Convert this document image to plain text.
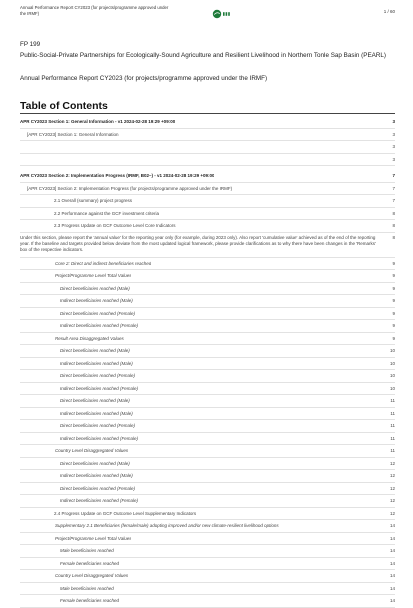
Annual Performance Report CY2023 (for projects/programme approved under the IRMF)	1 / 60
FP 199
Public-Social-Private Partnerships for Ecologically-Sound Agriculture and Resilient Livelihood in Northern Tonle Sap Basin (PEARL)
Annual Performance Report CY2023 (for projects/programme approved under the IRMF)
Table of Contents
APR CY2023 Section 1: General Information - v1 2024-02-28 19:29 +09:00	3
[APR CY2023] Section 1: General Information	3
3
3
APR CY2023 Section 2: Implementation Progress (IRMF, B02–) - v1 2024-02-28 19:29 +09:00	7
[APR CY2023] Section 2: Implementation Progress (for projects/programme approved under the IRMF)	7
2.1 Overall (summary) project progress	7
2.2 Performance against the GCF investment criteria	8
2.3 Progress Update on GCF Outcome Level Core Indicators	8
Under this section, please report the 'annual value' for the reporting year only (for example, during 2023 only). Also report 'cumulative value' achieved as of the end of the reporting year. If the baseline and targets provided below deviate from the most updated logical framework, please provide clarifications as to why there have been changes in the 'Remarks' box of the respective indicators.
8
Core 2: Direct and indirect beneficiaries reached	9
Project/Programme Level Total Values	9
Direct beneficiaries reached (Male)	9
Indirect beneficiaries reached (Male)	9
Direct beneficiaries reached (Female)	9
Indirect beneficiaries reached (Female)	9
Result Area Disaggregated Values	9
Direct beneficiaries reached (Male)	10
Indirect beneficiaries reached (Male)	10
Direct beneficiaries reached (Female)	10
Indirect beneficiaries reached (Female)	10
Direct beneficiaries reached (Male)	11
Indirect beneficiaries reached (Male)	11
Direct beneficiaries reached (Female)	11
Indirect beneficiaries reached (Female)	11
Country Level Disaggregated Values	11
Direct beneficiaries reached (Male)	12
Indirect beneficiaries reached (Male)	12
Direct beneficiaries reached (Female)	12
Indirect beneficiaries reached (Female)	12
2.4 Progress Update on GCF Outcome Level Supplementary Indicators	12
Supplementary 2.1 Beneficiaries (female/male) adopting improved and/or new climate-resilient livelihood options	14
Project/Programme Level Total Values	14
Male beneficiaries reached	14
Female beneficiaries reached	14
Country Level Disaggregated Values	14
Male beneficiaries reached	14
Female beneficiaries reached	14
